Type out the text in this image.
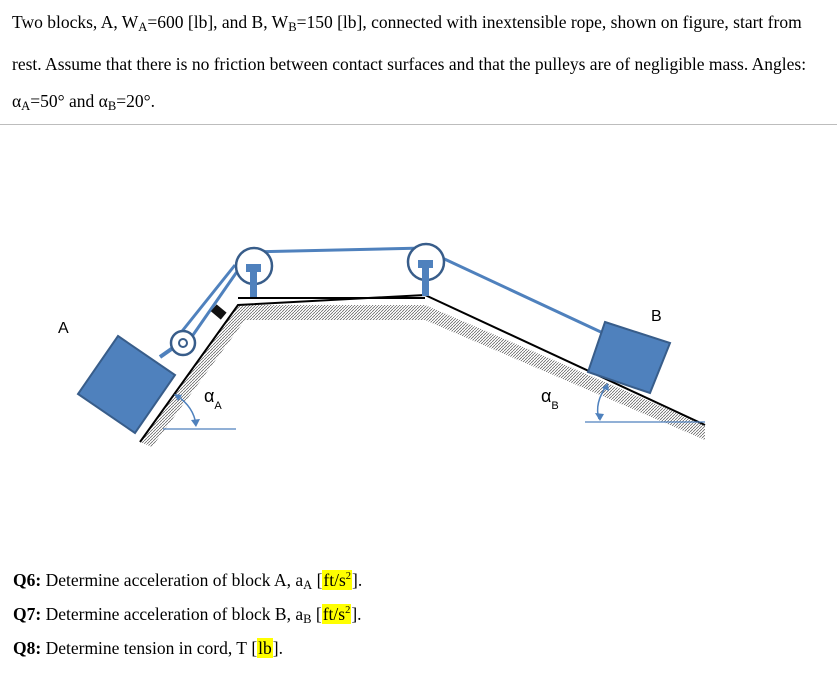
Two blocks, A, $W_A=600$ [lb], and B, $W_B=150$ [lb], connected with inextensible rope, shown on figure, start from rest. Assume that there is no friction between contact surfaces and that the pulleys are of negligible mass. Angles: $\alpha_A=50^\circ$ and $\alpha_B=20^\circ$.

$\alpha_A$	$\alpha_B$
A
B
Q6: Determine acceleration of block A, $a_A$ $[ft/s^2]$.
Q7: Determine acceleration of block B, $a_B$ $[ft/s^2]$.
Q8: Determine tension in cord, T [lb].
